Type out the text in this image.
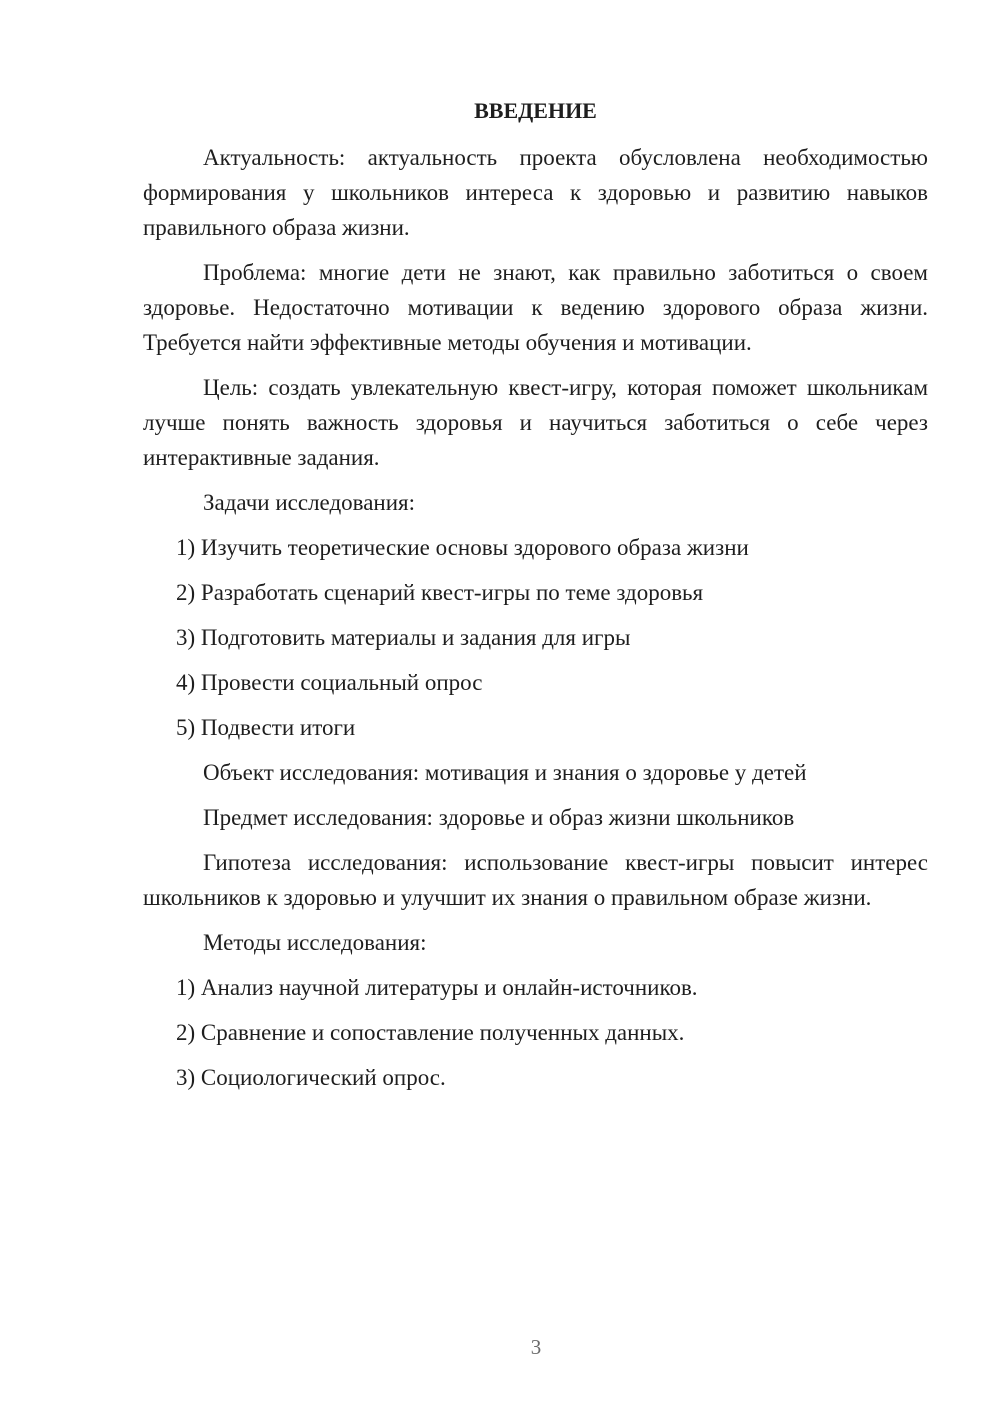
ВВЕДЕНИЕ

Актуальность: актуальность проекта обусловлена необходимостью формирования у школьников интереса к здоровью и развитию навыков правильного образа жизни.

Проблема: многие дети не знают, как правильно заботиться о своем здоровье. Недостаточно мотивации к ведению здорового образа жизни. Требуется найти эффективные методы обучения и мотивации.

Цель: создать увлекательную квест-игру, которая поможет школьникам лучше понять важность здоровья и научиться заботиться о себе через интерактивные задания.

Задачи исследования:
1) Изучить теоретические основы здорового образа жизни
2) Разработать сценарий квест-игры по теме здоровья
3) Подготовить материалы и задания для игры
4) Провести социальный опрос
5) Подвести итоги
Объект исследования: мотивация и знания о здоровье у детей
Предмет исследования: здоровье и образ жизни школьников

Гипотеза исследования: использование квест-игры повысит интерес школьников к здоровью и улучшит их знания о правильном образе жизни.

Методы исследования:
1) Анализ научной литературы и онлайн-источников.
2) Сравнение и сопоставление полученных данных.
3) Социологический опрос.
3
